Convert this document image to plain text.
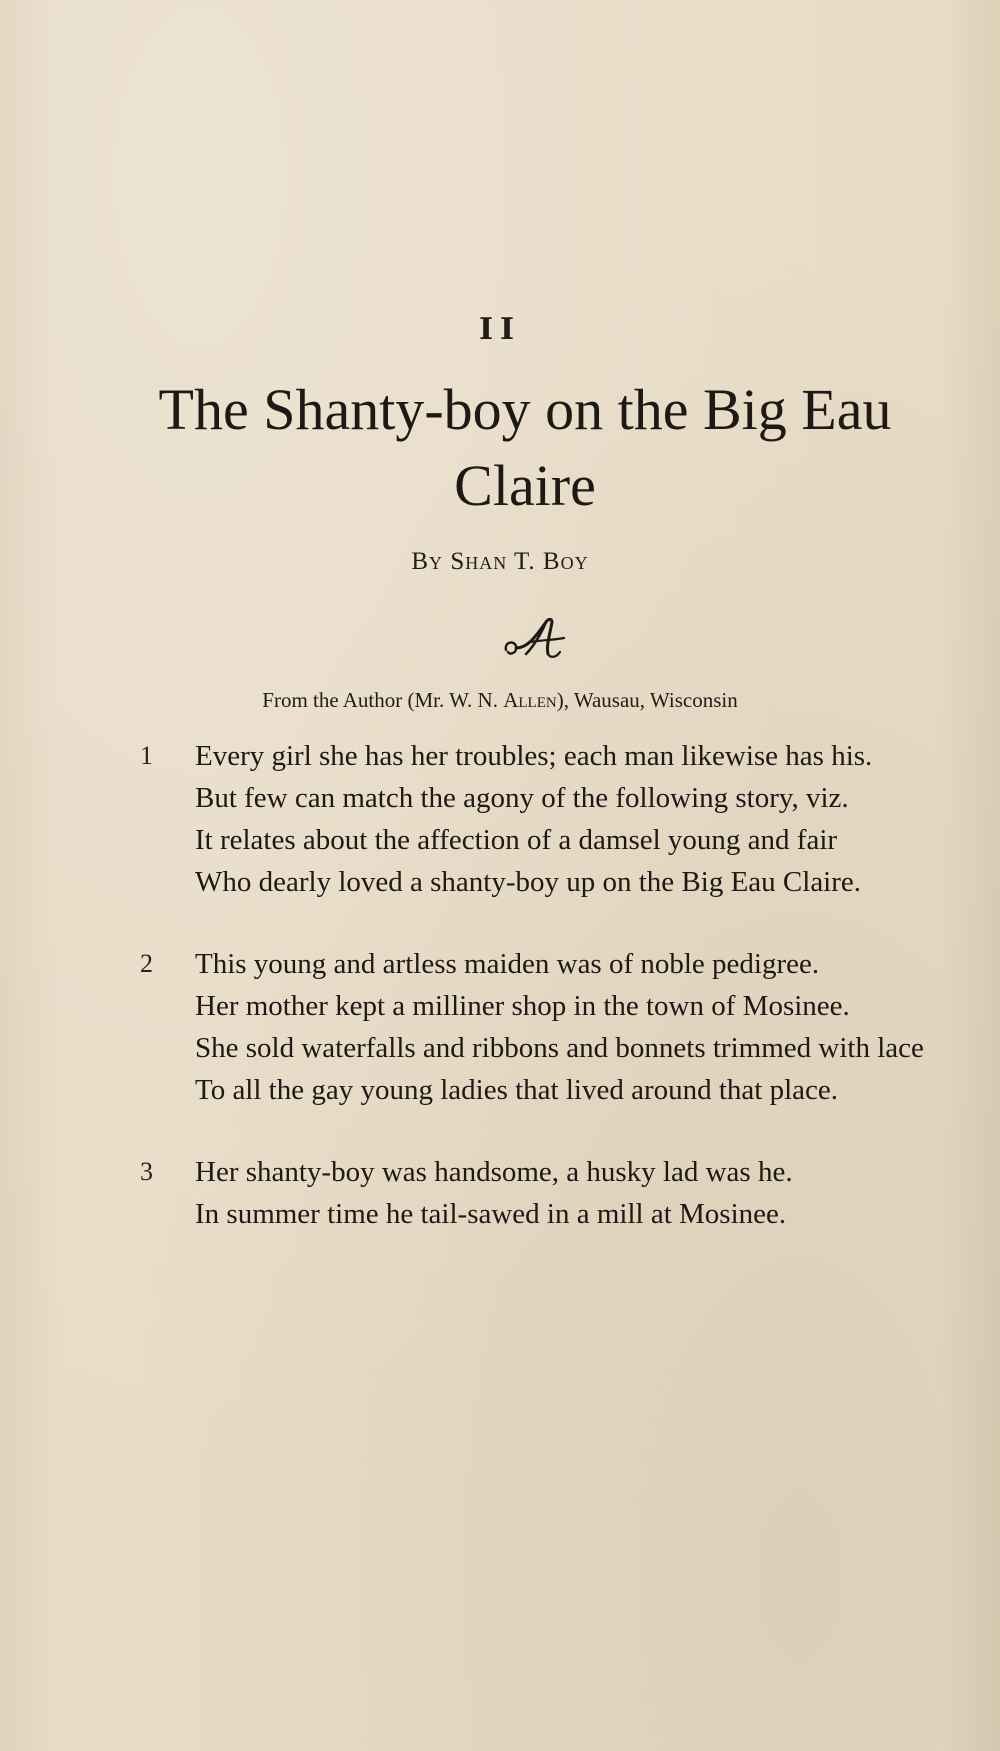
II
The Shanty-boy on the Big Eau Claire
By Shan T. Boy
From the Author (Mr. W. N. Allen), Wausau, Wisconsin
1	Every girl she has her troubles; each man likewise has his.
But few can match the agony of the following story, viz.
It relates about the affection of a damsel young and fair
Who dearly loved a shanty-boy up on the Big Eau Claire.
2	This young and artless maiden was of noble pedigree.
Her mother kept a milliner shop in the town of Mosinee.
She sold waterfalls and ribbons and bonnets trimmed with lace
To all the gay young ladies that lived around that place.
3	Her shanty-boy was handsome, a husky lad was he.
In summer time he tail-sawed in a mill at Mosinee.
